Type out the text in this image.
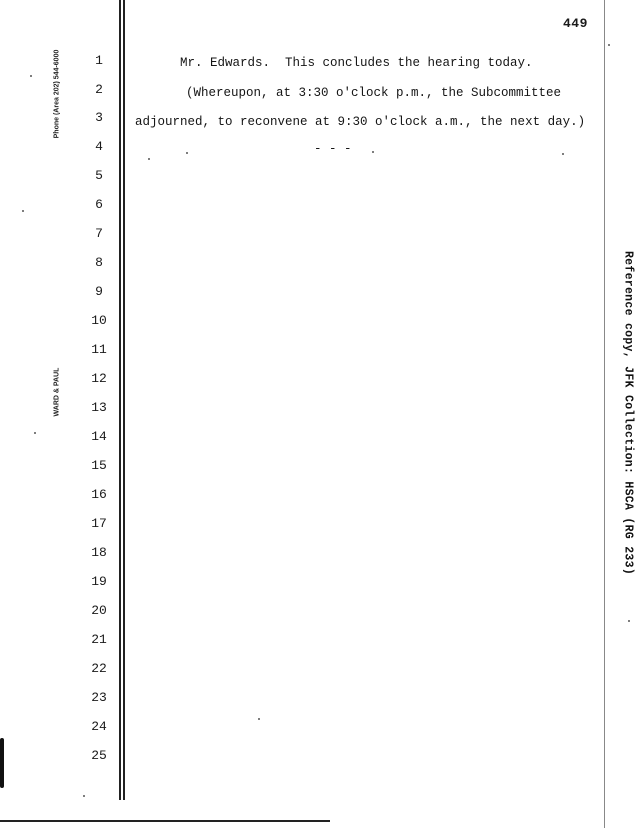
449
Phone (Area 202) 544-6000
WARD & PAUL	Reference copy, JFK Collection: HSCA (RG 233)
1
2
3
4
5
6
7
8
9
10
11
12
13
14
15
16
17
18
19
20
21
22
23
24
25
Mr. Edwards.  This concludes the hearing today.
(Whereupon, at 3:30 o'clock p.m., the Subcommittee
adjourned, to reconvene at 9:30 o'clock a.m., the next day.)
- - -
